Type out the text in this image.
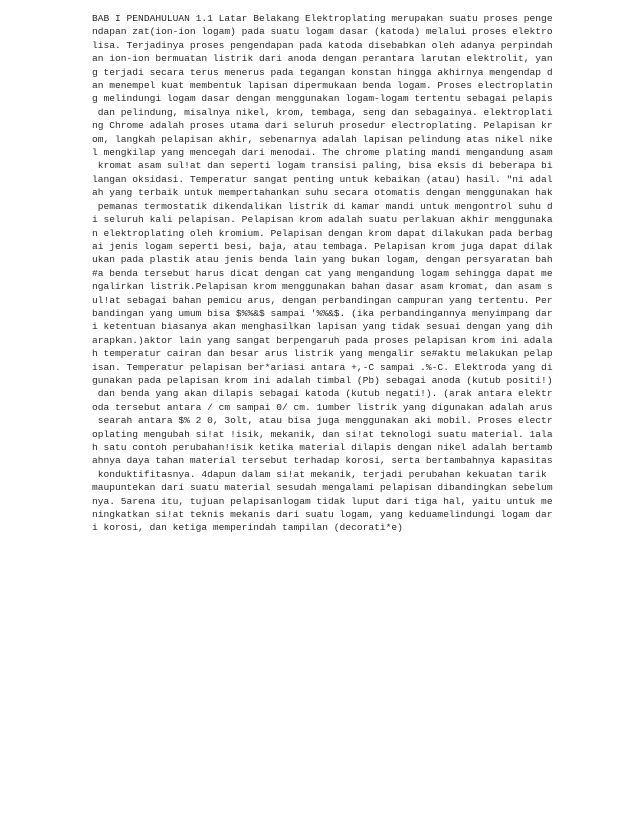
BAB I PENDAHULUAN 1.1 Latar Belakang Elektroplating merupakan suatu proses penge
ndapan zat(ion-ion logam) pada suatu logam dasar (katoda) melalui proses elektro
lisa. Terjadinya proses pengendapan pada katoda disebabkan oleh adanya perpindah
an ion-ion bermuatan listrik dari anoda dengan perantara larutan elektrolit, yan
g terjadi secara terus menerus pada tegangan konstan hingga akhirnya mengendap d
an menempel kuat membentuk lapisan dipermukaan benda logam. Proses electroplatin
g melindungi logam dasar dengan menggunakan logam-logam tertentu sebagai pelapis
dan pelindung, misalnya nikel, krom, tembaga, seng dan sebagainya. elektroplati
ng Chrome adalah proses utama dari seluruh prosedur electroplating. Pelapisan kr
om, langkah pelapisan akhir, sebenarnya adalah lapisan pelindung atas nikel nike
l mengkilap yang mencegah dari menodai. The chrome plating mandi mengandung asam
kromat asam sul!at dan seperti logam transisi paling, bisa eksis di beberapa bi
langan oksidasi. Temperatur sangat penting untuk kebaikan (atau) hasil. "ni adal
ah yang terbaik untuk mempertahankan suhu secara otomatis dengan menggunakan hak
pemanas termostatik dikendalikan listrik di kamar mandi untuk mengontrol suhu d
i seluruh kali pelapisan. Pelapisan krom adalah suatu perlakuan akhir menggunaka
n elektroplating oleh kromium. Pelapisan dengan krom dapat dilakukan pada berbag
ai jenis logam seperti besi, baja, atau tembaga. Pelapisan krom juga dapat dilak
ukan pada plastik atau jenis benda lain yang bukan logam, dengan persyaratan bah
#a benda tersebut harus dicat dengan cat yang mengandung logam sehingga dapat me
ngalirkan listrik.Pelapisan krom menggunakan bahan dasar asam kromat, dan asam s
ul!at sebagai bahan pemicu arus, dengan perbandingan campuran yang tertentu. Per
bandingan yang umum bisa $%%&$ sampai '%%&$. (ika perbandingannya menyimpang dar
i ketentuan biasanya akan menghasilkan lapisan yang tidak sesuai dengan yang dih
arapkan.)aktor lain yang sangat berpengaruh pada proses pelapisan krom ini adala
h temperatur cairan dan besar arus listrik yang mengalir se#aktu melakukan pelap
isan. Temperatur pelapisan ber*ariasi antara +,-C sampai .%-C. Elektroda yang di
gunakan pada pelapisan krom ini adalah timbal (Pb) sebagai anoda (kutub positi!)
dan benda yang akan dilapis sebagai katoda (kutub negati!). (arak antara elektr
oda tersebut antara / cm sampai 0/ cm. 1umber listrik yang digunakan adalah arus
searah antara $% 2 0, 3olt, atau bisa juga menggunakan aki mobil. Proses electr
oplating mengubah si!at !isik, mekanik, dan si!at teknologi suatu material. 1ala
h satu contoh perubahan!isik ketika material dilapis dengan nikel adalah bertamb
ahnya daya tahan material tersebut terhadap korosi, serta bertambahnya kapasitas
konduktifitasnya. 4dapun dalam si!at mekanik, terjadi perubahan kekuatan tarik
maupuntekan dari suatu material sesudah mengalami pelapisan dibandingkan sebelum
nya. 5arena itu, tujuan pelapisanlogam tidak luput dari tiga hal, yaitu untuk me
ningkatkan si!at teknis mekanis dari suatu logam, yang keduamelindungi logam dar
i korosi, dan ketiga memperindah tampilan (decorati*e)
